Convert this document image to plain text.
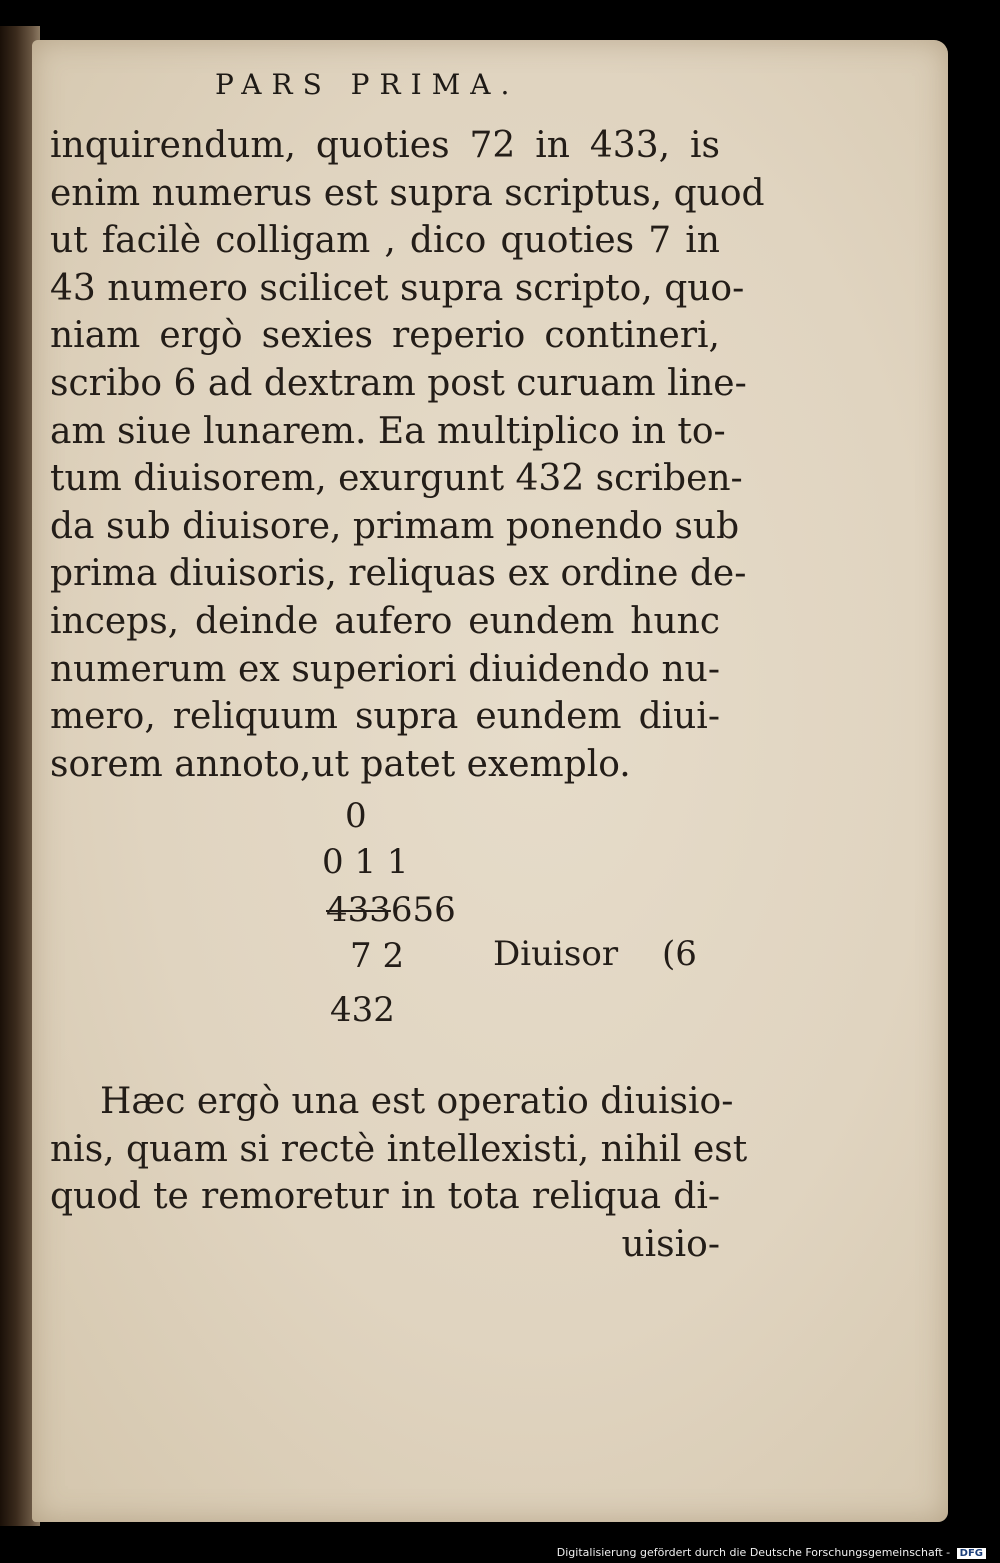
PARS PRIMA.
inquirendum, quoties 72 in 433, is
enim numerus est supra scriptus, quod
ut facilè colligam , dico quoties 7 in
43 numero scilicet supra scripto, quo-
niam ergò sexies reperio contineri,
scribo 6 ad dextram post curuam line-
am siue lunarem. Ea multiplico in to-
tum diuisorem, exurgunt 432 scriben-
da sub diuisore, primam ponendo sub
prima diuisoris, reliquas ex ordine de-
inceps, deinde aufero eundem hunc
numerum ex superiori diuidendo nu-
mero, reliquum supra eundem diui-
sorem annoto,ut patet exemplo.
0
0 1 1
433656
7 2	Diuisor (6
432
Hæc ergò una est operatio diuisio-
nis, quam si rectè intellexisti, nihil est
quod te remoretur in tota reliqua di-
uisio-
Digitalisierung gefördert durch die Deutsche Forschungsgemeinschaft - DFG
